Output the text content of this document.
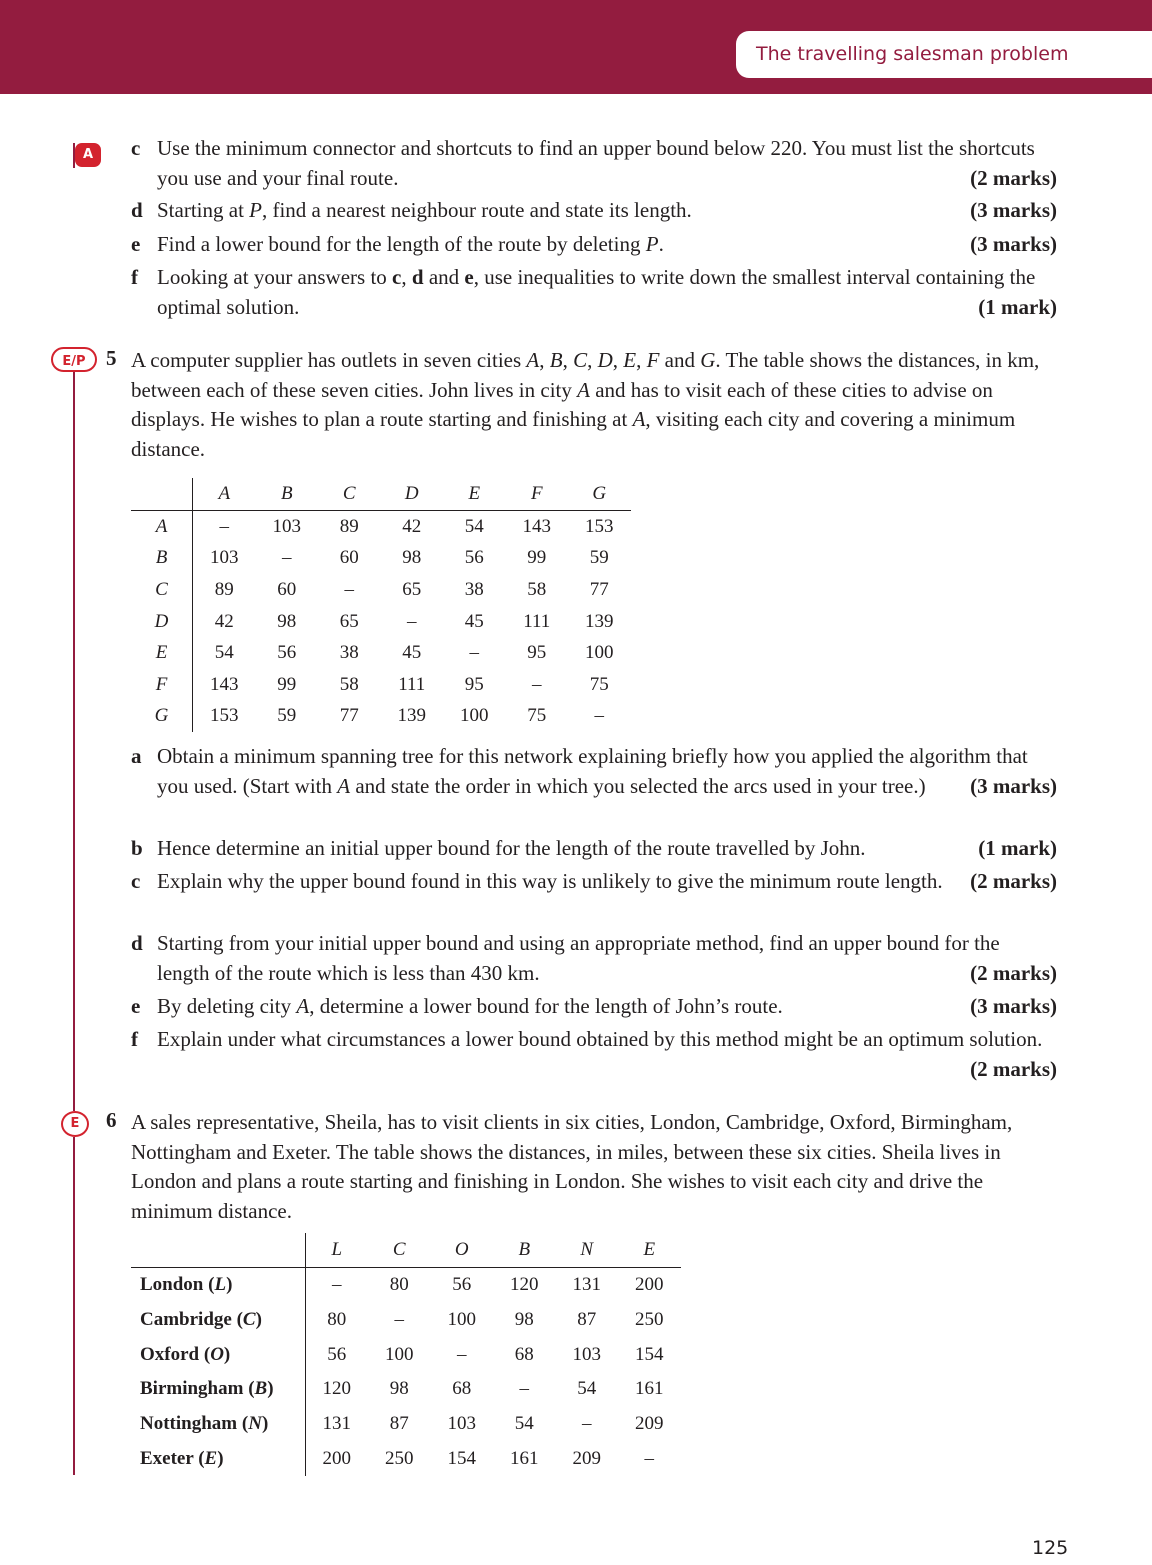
The travelling salesman problem
A
E/P
E
c Use the minimum connector and shortcuts to find an upper bound below 220. You must list the shortcuts you use and your final route.	(2 marks)
d Starting at P, find a nearest neighbour route and state its length.	(3 marks)
e Find a lower bound for the length of the route by deleting P.	(3 marks)
f Looking at your answers to c, d and e, use inequalities to write down the smallest interval containing the optimal solution.	(1 mark)
5 A computer supplier has outlets in seven cities A, B, C, D, E, F and G. The table shows the distances, in km, between each of these seven cities. John lives in city A and has to visit each of these cities to advise on displays. He wishes to plan a route starting and finishing at A, visiting each city and covering a minimum distance.
	A	B	C	D	E	F	G
A	–	103	89	42	54	143	153
B	103	–	60	98	56	99	59
C	89	60	–	65	38	58	77
D	42	98	65	–	45	111	139
E	54	56	38	45	–	95	100
F	143	99	58	111	95	–	75
G	153	59	77	139	100	75	–
a Obtain a minimum spanning tree for this network explaining briefly how you applied the algorithm that you used. (Start with A and state the order in which you selected the arcs used in your tree.) (3 marks)
b Hence determine an initial upper bound for the length of the route travelled by John.	(1 mark)
c Explain why the upper bound found in this way is unlikely to give the minimum route length. (2 marks)
d Starting from your initial upper bound and using an appropriate method, find an upper bound for the length of the route which is less than 430 km.	(2 marks)
e By deleting city A, determine a lower bound for the length of John’s route.	(3 marks)
f Explain under what circumstances a lower bound obtained by this method might be an optimum solution.
(2 marks)
6 A sales representative, Sheila, has to visit clients in six cities, London, Cambridge, Oxford, Birmingham, Nottingham and Exeter. The table shows the distances, in miles, between these six cities. Sheila lives in London and plans a route starting and finishing in London. She wishes to visit each city and drive the minimum distance.
	L	C	O	B	N	E
London (L)	–	80	56	120	131	200
Cambridge (C)	80	–	100	98	87	250
Oxford (O)	56	100	–	68	103	154
Birmingham (B)	120	98	68	–	54	161
Nottingham (N)	131	87	103	54	–	209
Exeter (E)	200	250	154	161	209	–
125
